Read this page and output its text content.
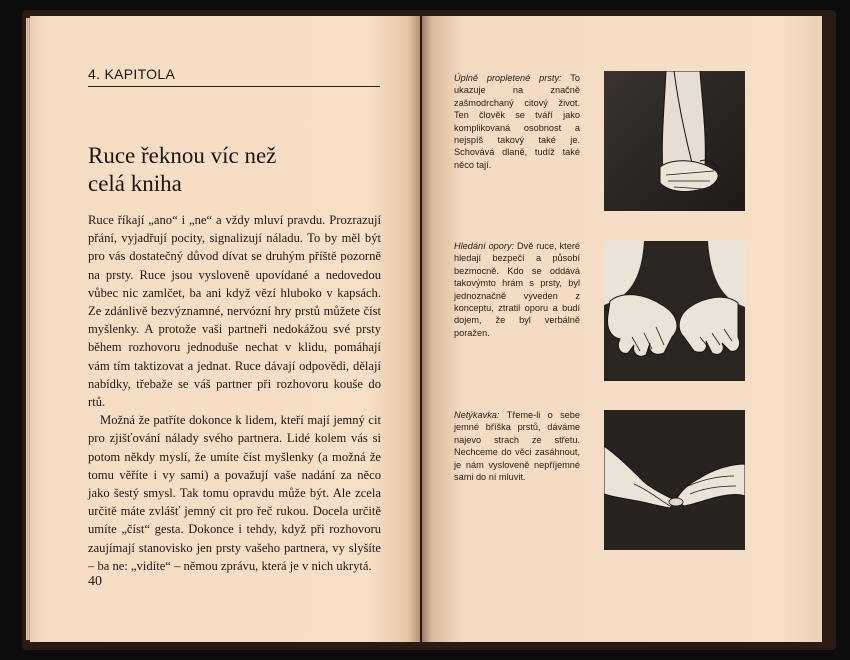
4. KAPITOLA
Ruce řeknou víc než
celá kniha

Ruce říkají „ano“ i „ne“ a vždy mluví pravdu. Prozrazují přání, vyjadřují pocity, signalizují náladu. To by měl být pro vás dostatečný důvod dívat se druhým příště pozorně na prsty. Ruce jsou vysloveně upovídané a nedovedou vůbec nic zamlčet, ba ani když vězí hluboko v kapsách. Ze zdánlivě bezvýznamné, nervózní hry prstů můžete číst myšlenky. A protože vaši partneři nedokážou své prsty během rozhovoru jednoduše nechat v klidu, pomáhají vám tím taktizovat a jednat. Ruce dávají odpovědi, dělají nabídky, třebaže se váš partner při rozhovoru kouše do rtů.

Možná že patříte dokonce k lidem, kteří mají jemný cit pro zjišťování nálady svého partnera. Lidé kolem vás si potom někdy myslí, že umíte číst myšlenky (a možná že tomu věříte i vy sami) a považují vaše nadání za něco jako šestý smysl. Tak tomu opravdu může být. Ale zcela určitě máte zvlášť jemný cit pro řeč rukou. Docela určitě umíte „číst“ gesta. Dokonce i tehdy, když při rozhovoru zaujímají stanovisko jen prsty vašeho partnera, vy slyšíte – ba ne: „vidíte“ – němou zprávu, která je v nich ukrytá.

40
Úplně propletené prsty: To ukazuje na značně zašmodrchaný citový život. Ten člověk se tváří jako komplikovaná osobnost a nejspíš takový také je. Schovává dlaně, tudíž také něco tají.
Hledání opory: Dvě ruce, které hledají bezpečí a působí bezmocně. Kdo se oddává takovýmto hrám s prsty, byl jednoznačně vyveden z konceptu, ztratil oporu a budí dojem, že byl verbálně poražen.
Netýkavka: Třeme-li o sebe jemné bříška prstů, dáváme najevo strach ze střetu. Nechceme do věci zasáhnout, je nám vysloveně nepříjemné sami do ní mluvit.
